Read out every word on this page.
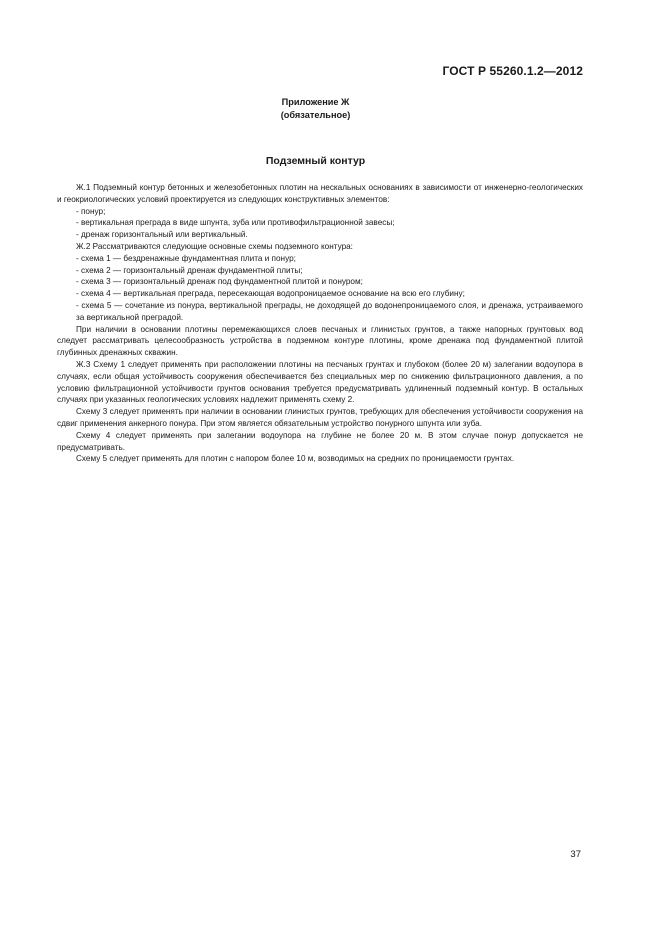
ГОСТ Р 55260.1.2—2012
Приложение Ж
(обязательное)
Подземный контур

Ж.1 Подземный контур бетонных и железобетонных плотин на нескальных основаниях в зависимости от инженерно-геологических и геокриологических условий проектируется из следующих конструктивных элементов:

- понур;

- вертикальная преграда в виде шпунта, зуба или противофильтрационной завесы;

- дренаж горизонтальный или вертикальный.

Ж.2 Рассматриваются следующие основные схемы подземного контура:

- схема 1 — бездренажные фундаментная плита и понур;

- схема 2 — горизонтальный дренаж фундаментной плиты;

- схема 3 — горизонтальный дренаж под фундаментной плитой и понуром;

- схема 4 — вертикальная преграда, пересекающая водопроницаемое основание на всю его глубину;

- схема 5 — сочетание из понура, вертикальной преграды, не доходящей до водонепроницаемого слоя, и дренажа, устраиваемого за вертикальной преградой.

При наличии в основании плотины перемежающихся слоев песчаных и глинистых грунтов, а также напорных грунтовых вод следует рассматривать целесообразность устройства в подземном контуре плотины, кроме дренажа под фундаментной плитой глубинных дренажных скважин.

Ж.3 Схему 1 следует применять при расположении плотины на песчаных грунтах и глубоком (более 20 м) залегании водоупора в случаях, если общая устойчивость сооружения обеспечивается без специальных мер по снижению фильтрационного давления, а по условию фильтрационной устойчивости грунтов основания требуется предусматривать удлиненный подземный контур. В остальных случаях при указанных геологических условиях надлежит применять схему 2.

Схему 3 следует применять при наличии в основании глинистых грунтов, требующих для обеспечения устойчивости сооружения на сдвиг применения анкерного понура. При этом является обязательным устройство понурного шпунта или зуба.

Схему 4 следует применять при залегании водоупора на глубине не более 20 м. В этом случае понур допускается не предусматривать.

Схему 5 следует применять для плотин с напором более 10 м, возводимых на средних по проницаемости грунтах.

37
